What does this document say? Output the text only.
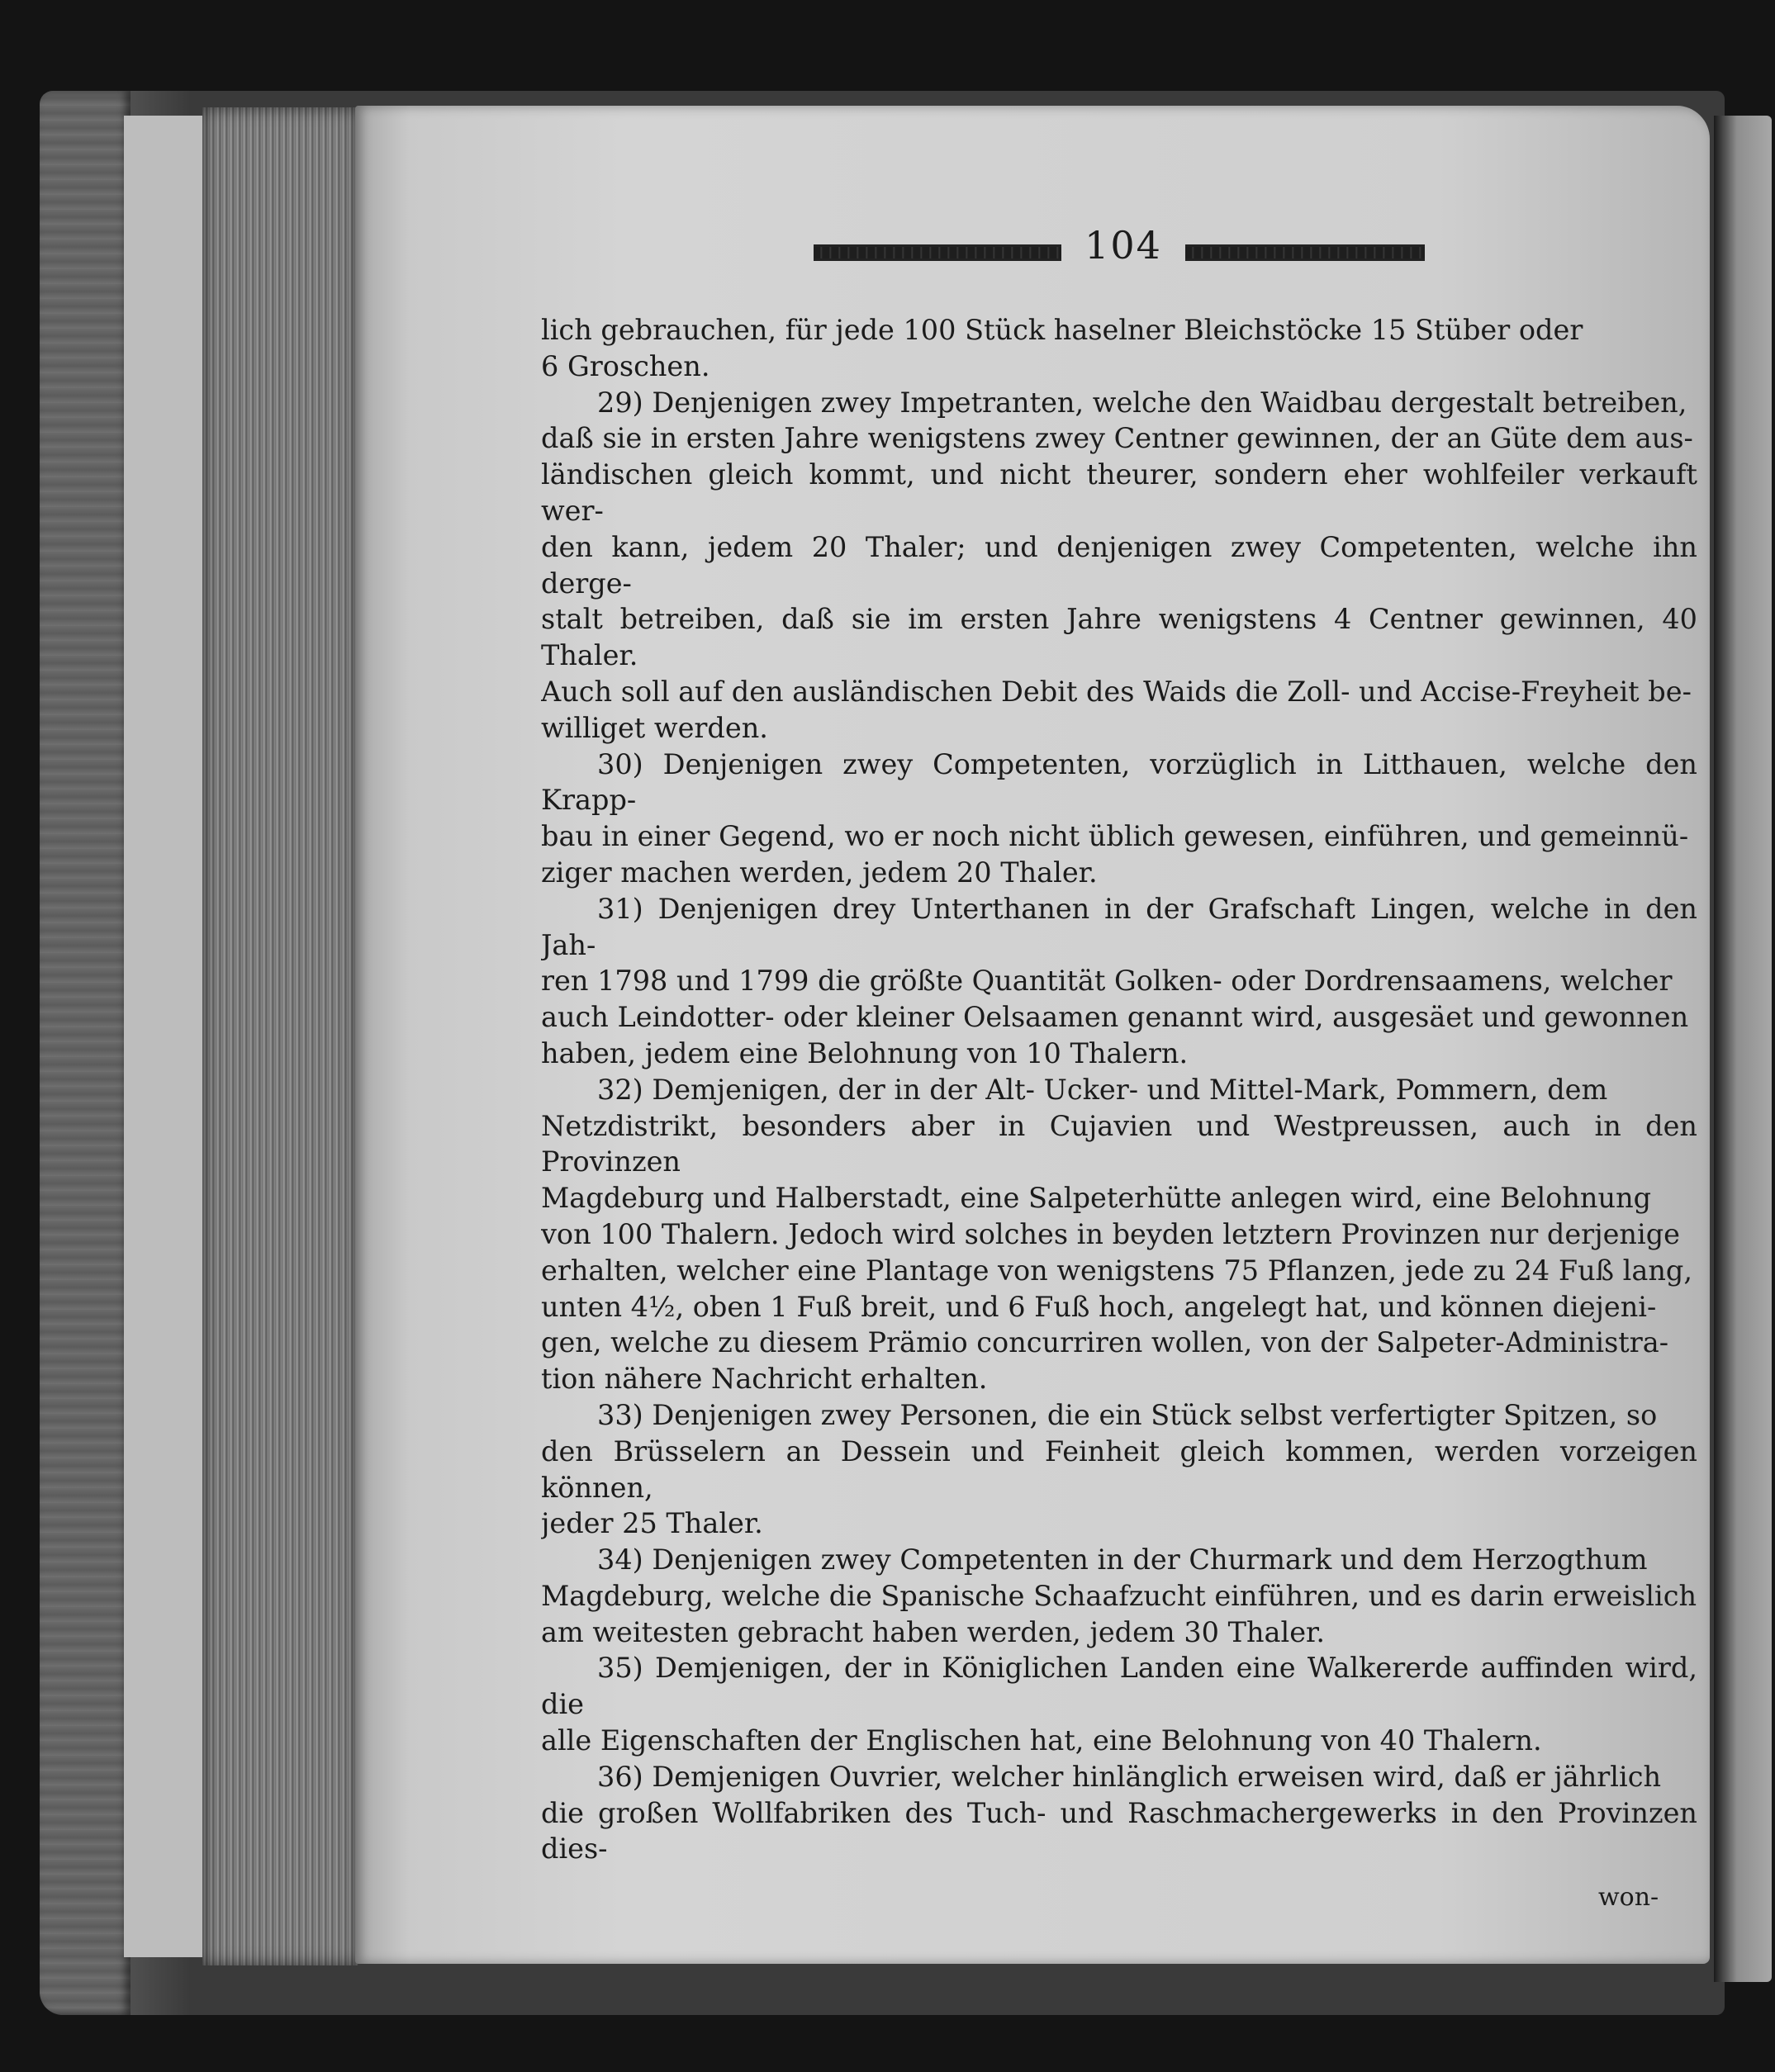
104

lich gebrauchen, für jede 100 Stück haselner Bleichstöcke 15 Stüber oder
6 Groschen.

29) Denjenigen zwey Impetranten, welche den Waidbau dergestalt betreiben,
daß sie in ersten Jahre wenigstens zwey Centner gewinnen, der an Güte dem aus-
ländischen gleich kommt, und nicht theurer, sondern eher wohlfeiler verkauft wer-
den kann, jedem 20 Thaler; und denjenigen zwey Competenten, welche ihn derge-
stalt betreiben, daß sie im ersten Jahre wenigstens 4 Centner gewinnen, 40 Thaler.
Auch soll auf den ausländischen Debit des Waids die Zoll- und Accise-Freyheit be-
williget werden.

30) Denjenigen zwey Competenten, vorzüglich in Litthauen, welche den Krapp-
bau in einer Gegend, wo er noch nicht üblich gewesen, einführen, und gemeinnü-
ziger machen werden, jedem 20 Thaler.

31) Denjenigen drey Unterthanen in der Grafschaft Lingen, welche in den Jah-
ren 1798 und 1799 die größte Quantität Golken- oder Dordrensaamens, welcher
auch Leindotter- oder kleiner Oelsaamen genannt wird, ausgesäet und gewonnen
haben, jedem eine Belohnung von 10 Thalern.

32) Demjenigen, der in der Alt- Ucker- und Mittel-Mark, Pommern, dem
Netzdistrikt, besonders aber in Cujavien und Westpreussen, auch in den Provinzen
Magdeburg und Halberstadt, eine Salpeterhütte anlegen wird, eine Belohnung
von 100 Thalern. Jedoch wird solches in beyden letztern Provinzen nur derjenige
erhalten, welcher eine Plantage von wenigstens 75 Pflanzen, jede zu 24 Fuß lang,
unten 4½, oben 1 Fuß breit, und 6 Fuß hoch, angelegt hat, und können diejeni-
gen, welche zu diesem Prämio concurriren wollen, von der Salpeter-Administra-
tion nähere Nachricht erhalten.

33) Denjenigen zwey Personen, die ein Stück selbst verfertigter Spitzen, so
den Brüsselern an Dessein und Feinheit gleich kommen, werden vorzeigen können,
jeder 25 Thaler.

34) Denjenigen zwey Competenten in der Churmark und dem Herzogthum
Magdeburg, welche die Spanische Schaafzucht einführen, und es darin erweislich
am weitesten gebracht haben werden, jedem 30 Thaler.

35) Demjenigen, der in Königlichen Landen eine Walkererde auffinden wird, die
alle Eigenschaften der Englischen hat, eine Belohnung von 40 Thalern.

36) Demjenigen Ouvrier, welcher hinlänglich erweisen wird, daß er jährlich
die großen Wollfabriken des Tuch- und Raschmachergewerks in den Provinzen dies-

won-
